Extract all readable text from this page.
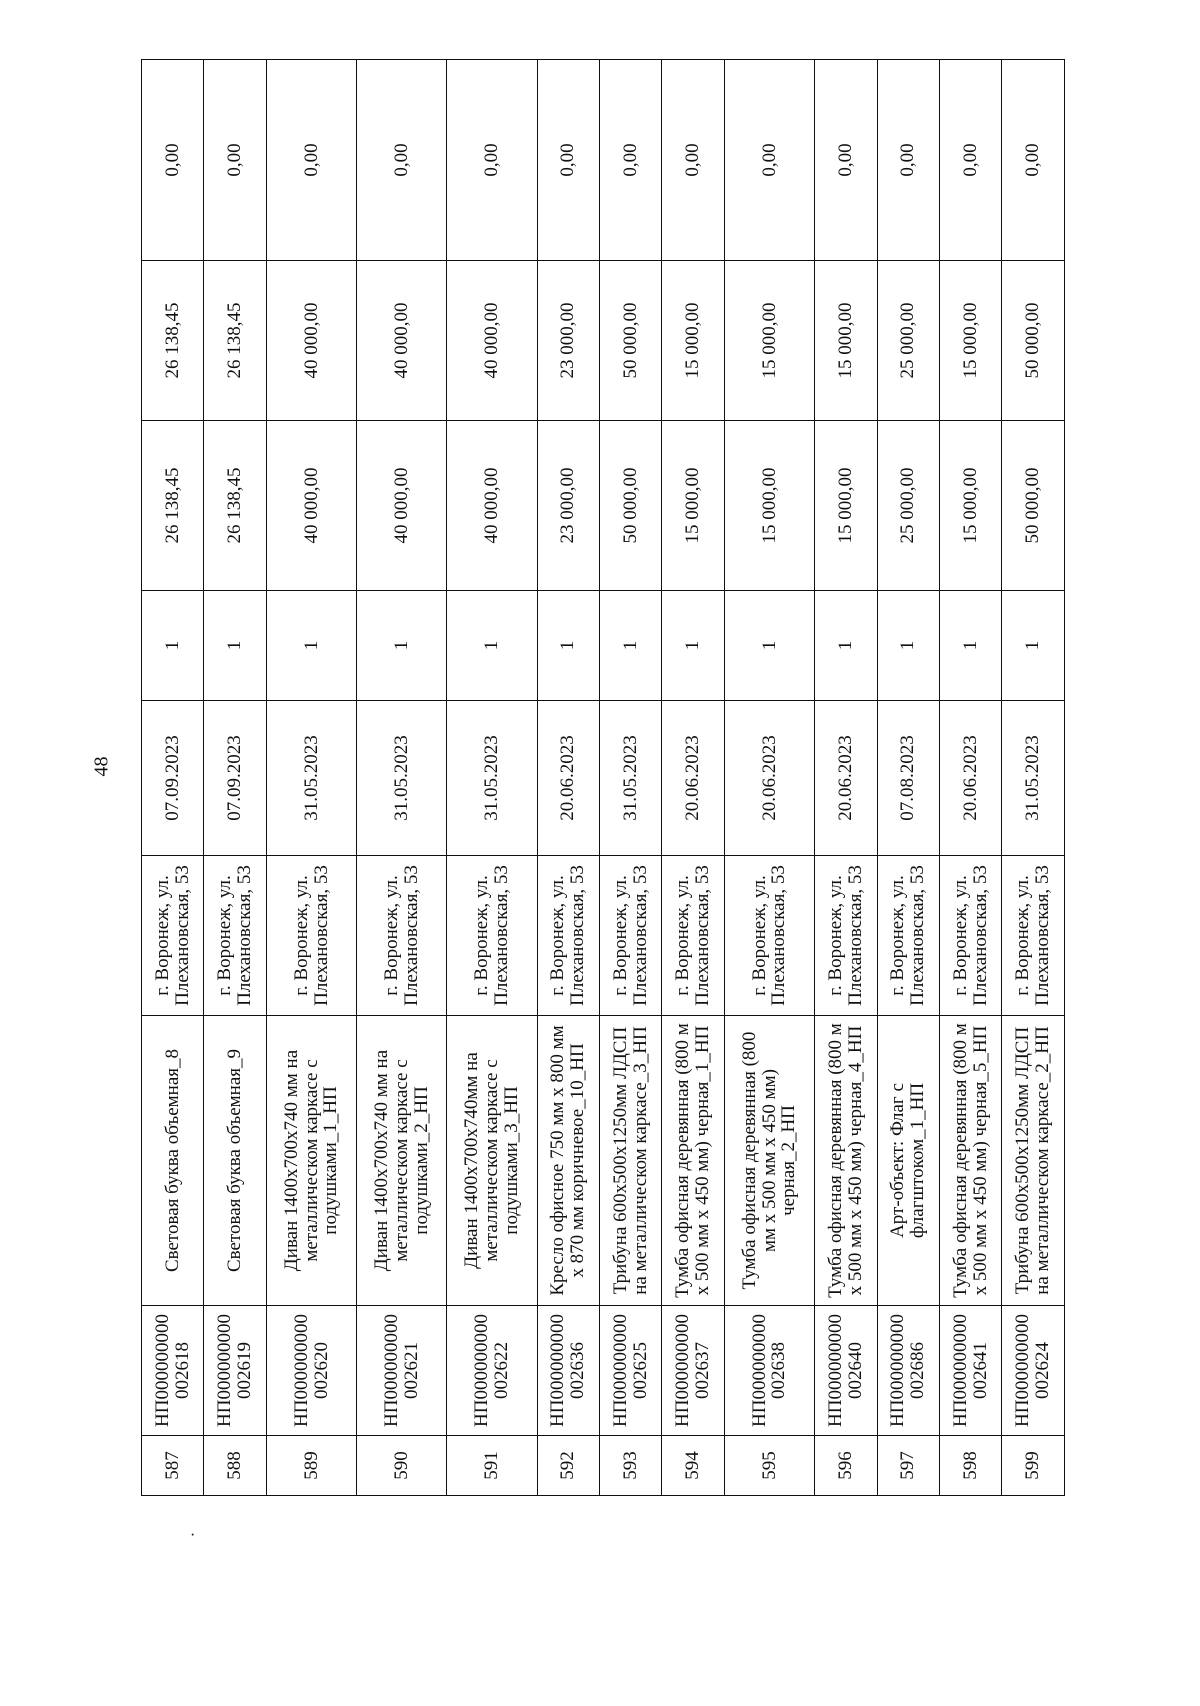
48
·
587	НП000000000002618	Световая буква объемная_8	г. Воронеж, ул. Плехановская, 53	07.09.2023	1	26 138,45	26 138,45	0,00
588	НП000000000002619	Световая буква объемная_9	г. Воронеж, ул. Плехановская, 53	07.09.2023	1	26 138,45	26 138,45	0,00
589	НП000000000002620	Диван 1400х700х740 мм на металлическом каркасе с подушками_1_НП	г. Воронеж, ул. Плехановская, 53	31.05.2023	1	40 000,00	40 000,00	0,00
590	НП000000000002621	Диван 1400х700х740 мм на металлическом каркасе с подушками_2_НП	г. Воронеж, ул. Плехановская, 53	31.05.2023	1	40 000,00	40 000,00	0,00
591	НП000000000002622	Диван 1400х700х740мм на металлическом каркасе с подушками_3_НП	г. Воронеж, ул. Плехановская, 53	31.05.2023	1	40 000,00	40 000,00	0,00
592	НП000000000002636	Кресло офисное 750 мм х 800 мм х 870 мм коричневое_10_НП	г. Воронеж, ул. Плехановская, 53	20.06.2023	1	23 000,00	23 000,00	0,00
593	НП000000000002625	Трибуна 600х500х1250мм ЛДСП на металлическом каркасе_3_НП	г. Воронеж, ул. Плехановская, 53	31.05.2023	1	50 000,00	50 000,00	0,00
594	НП000000000002637	Тумба офисная деревянная (800 м х 500 мм х 450 мм) черная_1_НП	г. Воронеж, ул. Плехановская, 53	20.06.2023	1	15 000,00	15 000,00	0,00
595	НП000000000002638	Тумба офисная деревянная (800 мм х 500 мм х 450 мм) черная_2_НП	г. Воронеж, ул. Плехановская, 53	20.06.2023	1	15 000,00	15 000,00	0,00
596	НП000000000002640	Тумба офисная деревянная (800 м х 500 мм х 450 мм) черная_4_НП	г. Воронеж, ул. Плехановская, 53	20.06.2023	1	15 000,00	15 000,00	0,00
597	НП000000000002686	Арт-объект: Флаг с флагштоком_1_НП	г. Воронеж, ул. Плехановская, 53	07.08.2023	1	25 000,00	25 000,00	0,00
598	НП000000000002641	Тумба офисная деревянная (800 м х 500 мм х 450 мм) черная_5_НП	г. Воронеж, ул. Плехановская, 53	20.06.2023	1	15 000,00	15 000,00	0,00
599	НП000000000002624	Трибуна 600х500х1250мм ЛДСП на металлическом каркасе_2_НП	г. Воронеж, ул. Плехановская, 53	31.05.2023	1	50 000,00	50 000,00	0,00
